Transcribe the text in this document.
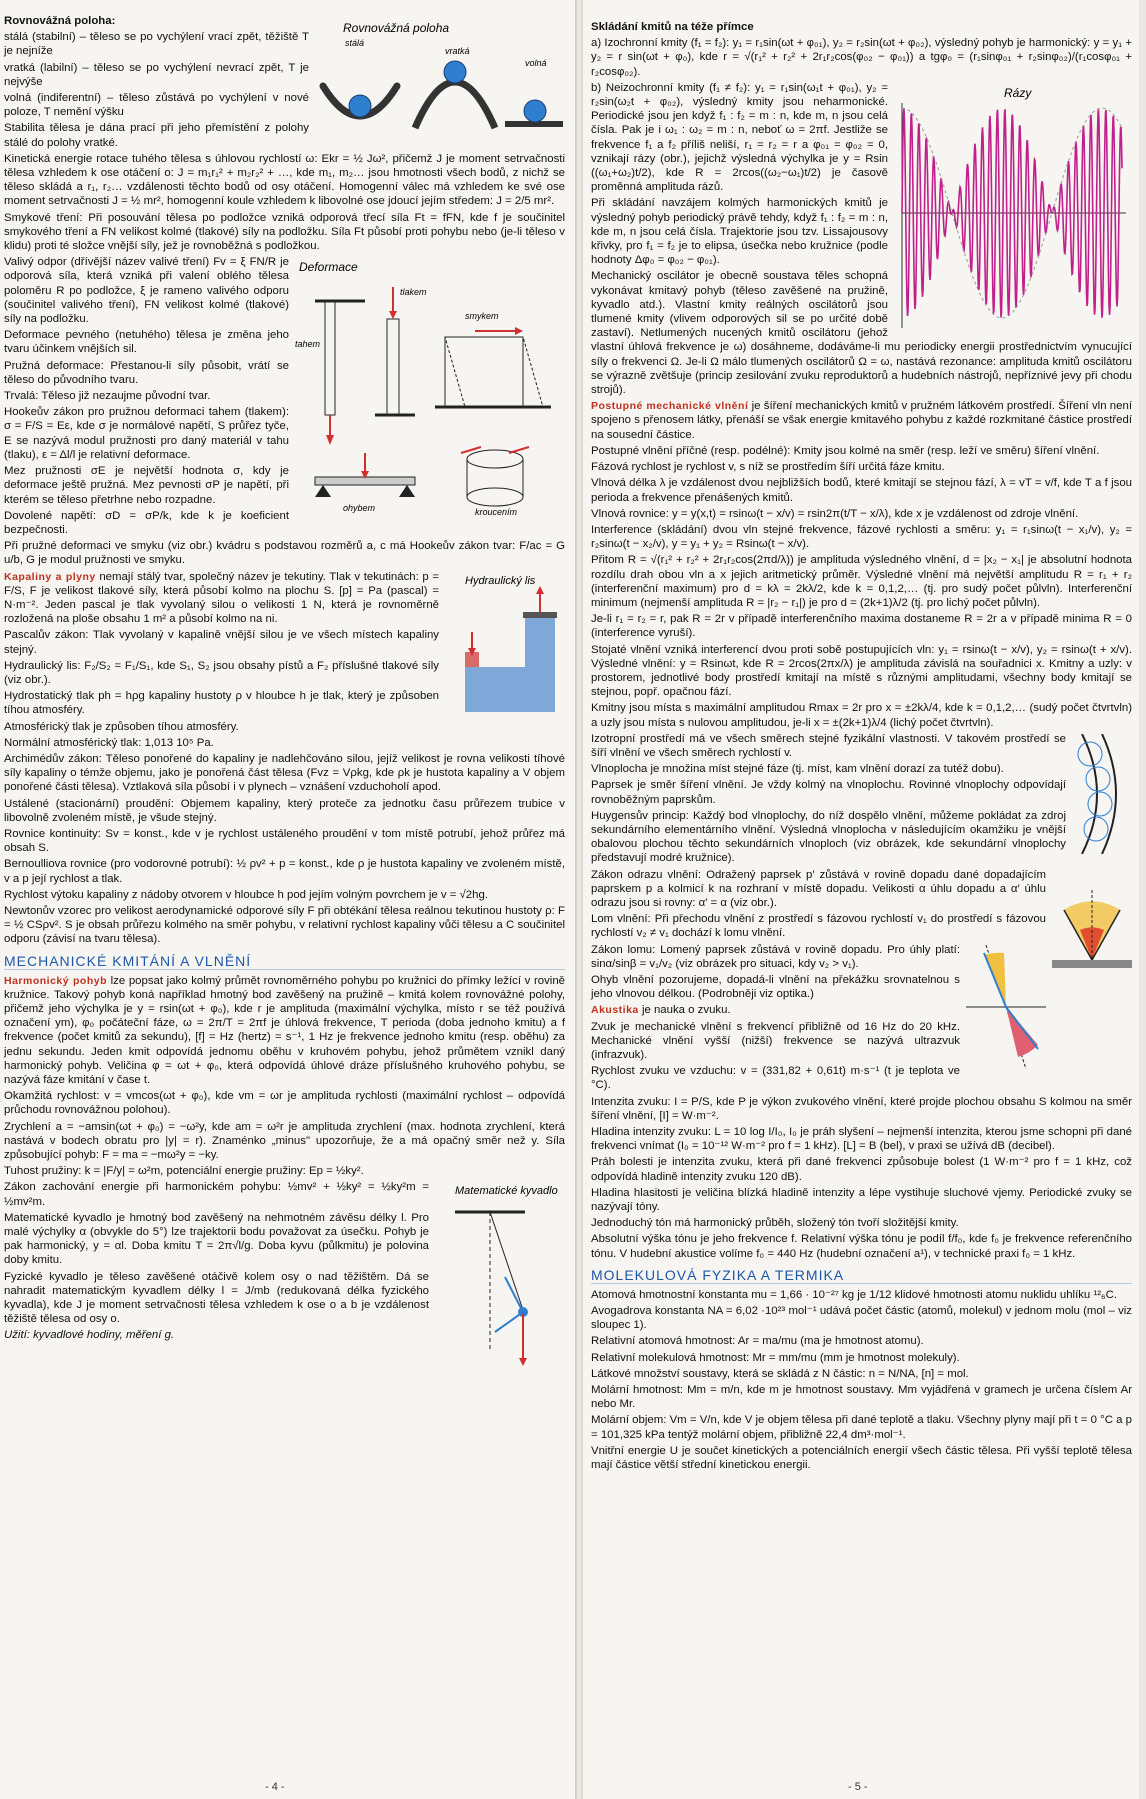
Rovnovážná poloha
stálá
vratká
volná

Rovnovážná poloha:

stálá (stabilní) – těleso se po vychýlení vrací zpět, těžiště T je nejníže

vratká (labilní) – těleso se po vychýlení nevrací zpět, T je nejvýše

volná (indiferentní) – těleso zůstává po vychýlení v nové poloze, T nemění výšku

Stabilita tělesa je dána prací při jeho přemístění z polohy stálé do polohy vratké.

Kinetická energie rotace tuhého tělesa s úhlovou rychlostí ω: Ekr = ½ Jω², přičemž J je moment setrvačnosti tělesa vzhledem k ose otáčení o: J = m₁r₁² + m₂r₂² + …, kde m₁, m₂… jsou hmotnosti všech bodů, z nichž se těleso skládá a r₁, r₂… vzdálenosti těchto bodů od osy otáčení. Homogenní válec má vzhledem ke své ose moment setrvačnosti J = ½ mr², homogenní koule vzhledem k libovolné ose jdoucí jejím středem: J = 2/5 mr².

Smykové tření: Při posouvání tělesa po podložce vzniká odporová třecí síla Ft = fFN, kde f je součinitel smykového tření a FN velikost kolmé (tlakové) síly na podložku. Síla Ft působí proti pohybu nebo (je-li těleso v klidu) proti té složce vnější síly, jež je rovnoběžná s podložkou.

Deformace
tlakem
tahem
smykem
ohybem	kroucením

Valivý odpor (dřívější název valivé tření) Fv = ξ FN/R je odporová síla, která vzniká při valení oblého tělesa poloměru R po podložce, ξ je rameno valivého odporu (součinitel valivého tření), FN velikost kolmé (tlakové) síly na podložku.

Deformace pevného (netuhého) tělesa je změna jeho tvaru účinkem vnějších sil.

Pružná deformace: Přestanou-li síly působit, vrátí se těleso do původního tvaru.

Trvalá: Těleso již nezaujme původní tvar.

Hookeův zákon pro pružnou deformaci tahem (tlakem): σ = F/S = Eε, kde σ je normálové napětí, S průřez tyče, E se nazývá modul pružnosti pro daný materiál v tahu (tlaku), ε = Δl/l je relativní deformace.

Mez pružnosti σE je největší hodnota σ, kdy je deformace ještě pružná. Mez pevnosti σP je napětí, při kterém se těleso přetrhne nebo rozpadne.

Dovolené napětí: σD = σP/k, kde k je koeficient bezpečnosti.

Při pružné deformaci ve smyku (viz obr.) kvádru s podstavou rozměrů a, c má Hookeův zákon tvar: F/ac = G u/b, G je modul pružnosti ve smyku.

Hydraulický lis

Kapaliny a plyny nemají stálý tvar, společný název je tekutiny. Tlak v tekutinách: p = F/S, F je velikost tlakové síly, která působí kolmo na plochu S. [p] = Pa (pascal) = N·m⁻². Jeden pascal je tlak vyvolaný silou o velikosti 1 N, která je rovnoměrně rozložená na ploše obsahu 1 m² a působí kolmo na ni.

Pascalův zákon: Tlak vyvolaný v kapalině vnější silou je ve všech místech kapaliny stejný.

Hydraulický lis: F₂/S₂ = F₁/S₁, kde S₁, S₂ jsou obsahy pístů a F₂ příslušné tlakové síly (viz obr.).

Hydrostatický tlak ph = hρg kapaliny hustoty ρ v hloubce h je tlak, který je způsoben tíhou atmosféry.

Atmosférický tlak je způsoben tíhou atmosféry.

Normální atmosférický tlak: 1,013 10⁵ Pa.

Archimédův zákon: Těleso ponořené do kapaliny je nadlehčováno silou, jejíž velikost je rovna velikosti tíhové síly kapaliny o témže objemu, jako je ponořená část tělesa (Fvz = Vρkg, kde ρk je hustota kapaliny a V objem ponořené části tělesa). Vztlaková síla působí i v plynech – vznášení vzduchoholí apod.

Ustálené (stacionární) proudění: Objemem kapaliny, který proteče za jednotku času průřezem trubice v libovolně zvoleném místě, je všude stejný.

Rovnice kontinuity: Sv = konst., kde v je rychlost ustáleného proudění v tom místě potrubí, jehož průřez má obsah S.

Bernoulliova rovnice (pro vodorovné potrubí): ½ ρv² + p = konst., kde ρ je hustota kapaliny ve zvoleném místě, v a p její rychlost a tlak.

Rychlost výtoku kapaliny z nádoby otvorem v hloubce h pod jejím volným povrchem je v = √2hg.

Newtonův vzorec pro velikost aerodynamické odporové síly F při obtékání tělesa reálnou tekutinou hustoty ρ: F = ½ CSρv². S je obsah průřezu kolmého na směr pohybu, v relativní rychlost kapaliny vůči tělesu a C součinitel odporu (závisí na tvaru tělesa).

MECHANICKÉ KMITÁNÍ A VLNĚNÍ

Harmonický pohyb lze popsat jako kolmý průmět rovnoměrného pohybu po kružnici do přímky ležící v rovině kružnice. Takový pohyb koná například hmotný bod zavěšený na pružině – kmitá kolem rovnovážné polohy, přičemž jeho výchylka je y = rsin(ωt + φ₀), kde r je amplituda (maximální výchylka, místo r se též používá označení ym), φ₀ počáteční fáze, ω = 2π/T = 2πf je úhlová frekvence, T perioda (doba jednoho kmitu) a f frekvence (počet kmitů za sekundu), [f] = Hz (hertz) = s⁻¹, 1 Hz je frekvence jednoho kmitu (resp. oběhu) za jednu sekundu. Jeden kmit odpovídá jednomu oběhu v kruhovém pohybu, jehož průmětem vznikl daný harmonický pohyb. Veličina φ = ωt + φ₀, která odpovídá úhlové dráze příslušného kruhového pohybu, se nazývá fáze kmitání v čase t.

Okamžitá rychlost: v = vmcos(ωt + φ₀), kde vm = ωr je amplituda rychlosti (maximální rychlost – odpovídá průchodu rovnovážnou polohou).

Zrychlení a = −amsin(ωt + φ₀) = −ω²y, kde am = ω²r je amplituda zrychlení (max. hodnota zrychlení, která nastává v bodech obratu pro |y| = r). Znaménko „minus" upozorňuje, že a má opačný směr než y. Síla způsobující pohyb: F = ma = −mω²y = −ky.

Tuhost pružiny: k = |F/y| = ω²m, potenciální energie pružiny: Ep = ½ky².

Matematické kyvadlo

Zákon zachování energie při harmonickém pohybu: ½mv² + ½ky² = ½ky²m = ½mv²m.

Matematické kyvadlo je hmotný bod zavěšený na nehmotném závěsu délky l. Pro malé výchylky α (obvykle do 5°) lze trajektorii bodu považovat za úsečku. Pohyb je pak harmonický, y = αl. Doba kmitu T = 2π√l/g. Doba kyvu (půlkmitu) je polovina doby kmitu.

Fyzické kyvadlo je těleso zavěšené otáčivě kolem osy o nad těžištěm. Dá se nahradit matematickým kyvadlem délky l = J/mb (redukovaná délka fyzického kyvadla), kde J je moment setrvačnosti tělesa vzhledem k ose o a b je vzdálenost těžiště tělesa od osy o.

Užití: kyvadlové hodiny, měření g.

- 4 -

Skládání kmitů na téže přímce

a) Izochronní kmity (f₁ = f₂): y₁ = r₁sin(ωt + φ₀₁), y₂ = r₂sin(ωt + φ₀₂), výsledný pohyb je harmonický: y = y₁ + y₂ = r sin(ωt + φ₀), kde r = √(r₁² + r₂² + 2r₁r₂cos(φ₀₂ − φ₀₁)) a tgφ₀ = (r₁sinφ₀₁ + r₂sinφ₀₂)/(r₁cosφ₀₁ + r₂cosφ₀₂).

Rázy

b) Neizochronní kmity (f₁ ≠ f₂): y₁ = r₁sin(ω₁t + φ₀₁), y₂ = r₂sin(ω₂t + φ₀₂), výsledný kmity jsou neharmonické. Periodické jsou jen když f₁ : f₂ = m : n, kde m, n jsou celá čísla. Pak je i ω₁ : ω₂ = m : n, neboť ω = 2πf. Jestliže se frekvence f₁ a f₂ příliš neliší, r₁ = r₂ = r a φ₀₁ = φ₀₂ = 0, vznikají rázy (obr.), jejichž výsledná výchylka je y = Rsin ((ω₁+ω₂)t/2), kde R = 2rcos((ω₂−ω₁)t/2) je časově proměnná amplituda rázů.

Při skládání navzájem kolmých harmonických kmitů je výsledný pohyb periodický právě tehdy, když f₁ : f₂ = m : n, kde m, n jsou celá čísla. Trajektorie jsou tzv. Lissajousovy křivky, pro f₁ = f₂ je to elipsa, úsečka nebo kružnice (podle hodnoty Δφ₀ = φ₀₂ − φ₀₁).

Mechanický oscilátor je obecně soustava těles schopná vykonávat kmitavý pohyb (těleso zavěšené na pružině, kyvadlo atd.). Vlastní kmity reálných oscilátorů jsou tlumené kmity (vlivem odporových sil se po určité době zastaví). Netlumených nucených kmitů oscilátoru (jehož vlastní úhlová frekvence je ω) dosáhneme, dodáváme-li mu periodicky energii prostřednictvím vynucující síly o frekvenci Ω. Je-li Ω málo tlumených oscilátorů Ω = ω, nastává rezonance: amplituda kmitů oscilátoru se výrazně zvětšuje (princip zesilování zvuku reproduktorů a hudebních nástrojů, nepříznivé jevy při chodu strojů).

Postupné mechanické vlnění je šíření mechanických kmitů v pružném látkovém prostředí. Šíření vln není spojeno s přenosem látky, přenáší se však energie kmitavého pohybu z každé rozkmitané částice prostředí na sousední částice.

Postupné vlnění příčné (resp. podélné): Kmity jsou kolmé na směr (resp. leží ve směru) šíření vlnění.

Fázová rychlost je rychlost v, s níž se prostředím šíří určitá fáze kmitu.

Vlnová délka λ je vzdálenost dvou nejbližších bodů, které kmitají se stejnou fází, λ = vT = v/f, kde T a f jsou perioda a frekvence přenášených kmitů.

Vlnová rovnice: y = y(x,t) = rsinω(t − x/v) = rsin2π(t/T − x/λ), kde x je vzdálenost od zdroje vlnění.

Interference (skládání) dvou vln stejné frekvence, fázové rychlosti a směru: y₁ = r₁sinω(t − x₁/v), y₂ = r₂sinω(t − x₂/v), y = y₁ + y₂ = Rsinω(t − x/v).

Přitom R = √(r₁² + r₂² + 2r₁r₂cos(2πd/λ)) je amplituda výsledného vlnění, d = |x₂ − x₁| je absolutní hodnota rozdílu drah obou vln a x jejich aritmetický průměr. Výsledné vlnění má největší amplitudu R = r₁ + r₂ (interferenční maximum) pro d = kλ = 2kλ/2, kde k = 0,1,2,… (tj. pro sudý počet půlvln). Interferenční minimum (nejmenší amplituda R = |r₂ − r₁|) je pro d = (2k+1)λ/2 (tj. pro lichý počet půlvln).

Je-li r₁ = r₂ = r, pak R = 2r v případě interferenčního maxima dostaneme R = 2r a v případě minima R = 0 (interference vyruší).

Stojaté vlnění vzniká interferencí dvou proti sobě postupujících vln: y₁ = rsinω(t − x/v), y₂ = rsinω(t + x/v). Výsledné vlnění: y = Rsinωt, kde R = 2rcos(2πx/λ) je amplituda závislá na souřadnici x. Kmitny a uzly: v prostorem, jednotlivé body prostředí kmitají na místě s různými amplitudami, všechny body kmitají se stejnou, popř. opačnou fází.

Kmitny jsou místa s maximální amplitudou Rmax = 2r pro x = ±2kλ/4, kde k = 0,1,2,… (sudý počet čtvrtvln) a uzly jsou místa s nulovou amplitudou, je-li x = ±(2k+1)λ/4 (lichý počet čtvrtvln).

Izotropní prostředí má ve všech směrech stejné fyzikální vlastnosti. V takovém prostředí se šíří vlnění ve všech směrech rychlostí v.

Vlnoplocha je množina míst stejné fáze (tj. míst, kam vlnění dorazí za tutéž dobu).

Paprsek je směr šíření vlnění. Je vždy kolmý na vlnoplochu. Rovinné vlnoplochy odpovídají rovnoběžným paprskům.

Huygensův princip: Každý bod vlnoplochy, do níž dospělo vlnění, můžeme pokládat za zdroj sekundárního elementárního vlnění. Výsledná vlnoplocha v následujícím okamžiku je vnější obalovou plochou těchto sekundárních vlnoploch (viz obrázek, kde sekundární vlnoplochy představují modré kružnice).

Zákon odrazu vlnění: Odražený paprsek p′ zůstává v rovině dopadu dané dopadajícím paprskem p a kolmicí k na rozhraní v místě dopadu. Velikosti α úhlu dopadu a α′ úhlu odrazu jsou si rovny: α′ = α (viz obr.).

Lom vlnění: Při přechodu vlnění z prostředí s fázovou rychlostí v₁ do prostředí s fázovou rychlostí v₂ ≠ v₁ dochází k lomu vlnění.

Zákon lomu: Lomený paprsek zůstává v rovině dopadu. Pro úhly platí: sinα/sinβ = v₁/v₂ (viz obrázek pro situaci, kdy v₂ > v₁).

Ohyb vlnění pozorujeme, dopadá-li vlnění na překážku srovnatelnou s jeho vlnovou délkou. (Podrobněji viz optika.)

Akustika je nauka o zvuku.

Zvuk je mechanické vlnění s frekvencí přibližně od 16 Hz do 20 kHz. Mechanické vlnění vyšší (nižší) frekvence se nazývá ultrazvuk (infrazvuk).

Rychlost zvuku ve vzduchu: v = (331,82 + 0,61t) m·s⁻¹ (t je teplota ve °C).

Intenzita zvuku: I = P/S, kde P je výkon zvukového vlnění, které projde plochou obsahu S kolmou na směr šíření vlnění, [I] = W·m⁻².

Hladina intenzity zvuku: L = 10 log I/I₀, I₀ je práh slyšení – nejmenší intenzita, kterou jsme schopni při dané frekvenci vnímat (I₀ = 10⁻¹² W·m⁻² pro f = 1 kHz). [L] = B (bel), v praxi se užívá dB (decibel).

Práh bolesti je intenzita zvuku, která při dané frekvenci způsobuje bolest (1 W·m⁻² pro f = 1 kHz, což odpovídá hladině intenzity zvuku 120 dB).

Hladina hlasitosti je veličina blízká hladině intenzity a lépe vystihuje sluchové vjemy. Periodické zvuky se nazývají tóny.

Jednoduchý tón má harmonický průběh, složený tón tvoří složitější kmity.

Absolutní výška tónu je jeho frekvence f. Relativní výška tónu je podíl f/f₀, kde f₀ je frekvence referenčního tónu. V hudební akustice volíme f₀ = 440 Hz (hudební označení a¹), v technické praxi f₀ = 1 kHz.

MOLEKULOVÁ FYZIKA A TERMIKA

Atomová hmotnostní konstanta mu = 1,66 · 10⁻²⁷ kg je 1/12 klidové hmotnosti atomu nuklidu uhlíku ¹²₆C.

Avogadrova konstanta NA = 6,02 ·10²³ mol⁻¹ udává počet částic (atomů, molekul) v jednom molu (mol – viz sloupec 1).

Relativní atomová hmotnost: Ar = ma/mu (ma je hmotnost atomu).

Relativní molekulová hmotnost: Mr = mm/mu (mm je hmotnost molekuly).

Látkové množství soustavy, která se skládá z N částic: n = N/NA, [n] = mol.

Molární hmotnost: Mm = m/n, kde m je hmotnost soustavy. Mm vyjádřená v gramech je určena číslem Ar nebo Mr.

Molární objem: Vm = V/n, kde V je objem tělesa při dané teplotě a tlaku. Všechny plyny mají při t = 0 °C a p = 101,325 kPa tentýž molární objem, přibližně 22,4 dm³·mol⁻¹.

Vnitřní energie U je součet kinetických a potenciálních energií všech částic tělesa. Při vyšší teplotě tělesa mají částice větší střední kinetickou energii.

- 5 -
